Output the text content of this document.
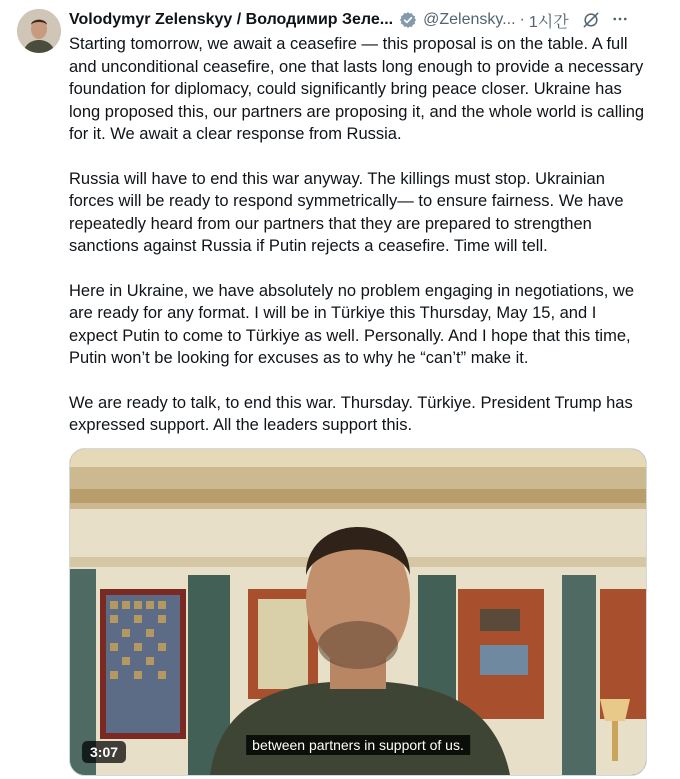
Volodymyr Zelenskyy / Володимир Зеле... @Zelensky... · 1시간

Starting tomorrow, we await a ceasefire — this proposal is on the table. A full and unconditional ceasefire, one that lasts long enough to provide a necessary foundation for diplomacy, could significantly bring peace closer. Ukraine has long proposed this, our partners are proposing it, and the whole world is calling for it. We await a clear response from Russia.

Russia will have to end this war anyway. The killings must stop. Ukrainian forces will be ready to respond symmetrically— to ensure fairness. We have repeatedly heard from our partners that they are prepared to strengthen sanctions against Russia if Putin rejects a ceasefire. Time will tell.

Here in Ukraine, we have absolutely no problem engaging in negotiations, we are ready for any format. I will be in Türkiye this Thursday, May 15, and I expect Putin to come to Türkiye as well. Personally. And I hope that this time, Putin won’t be looking for excuses as to why he “can’t” make it.

We are ready to talk, to end this war. Thursday. Türkiye. President Trump has expressed support. All the leaders support this.

3:07	between partners in support of us.
